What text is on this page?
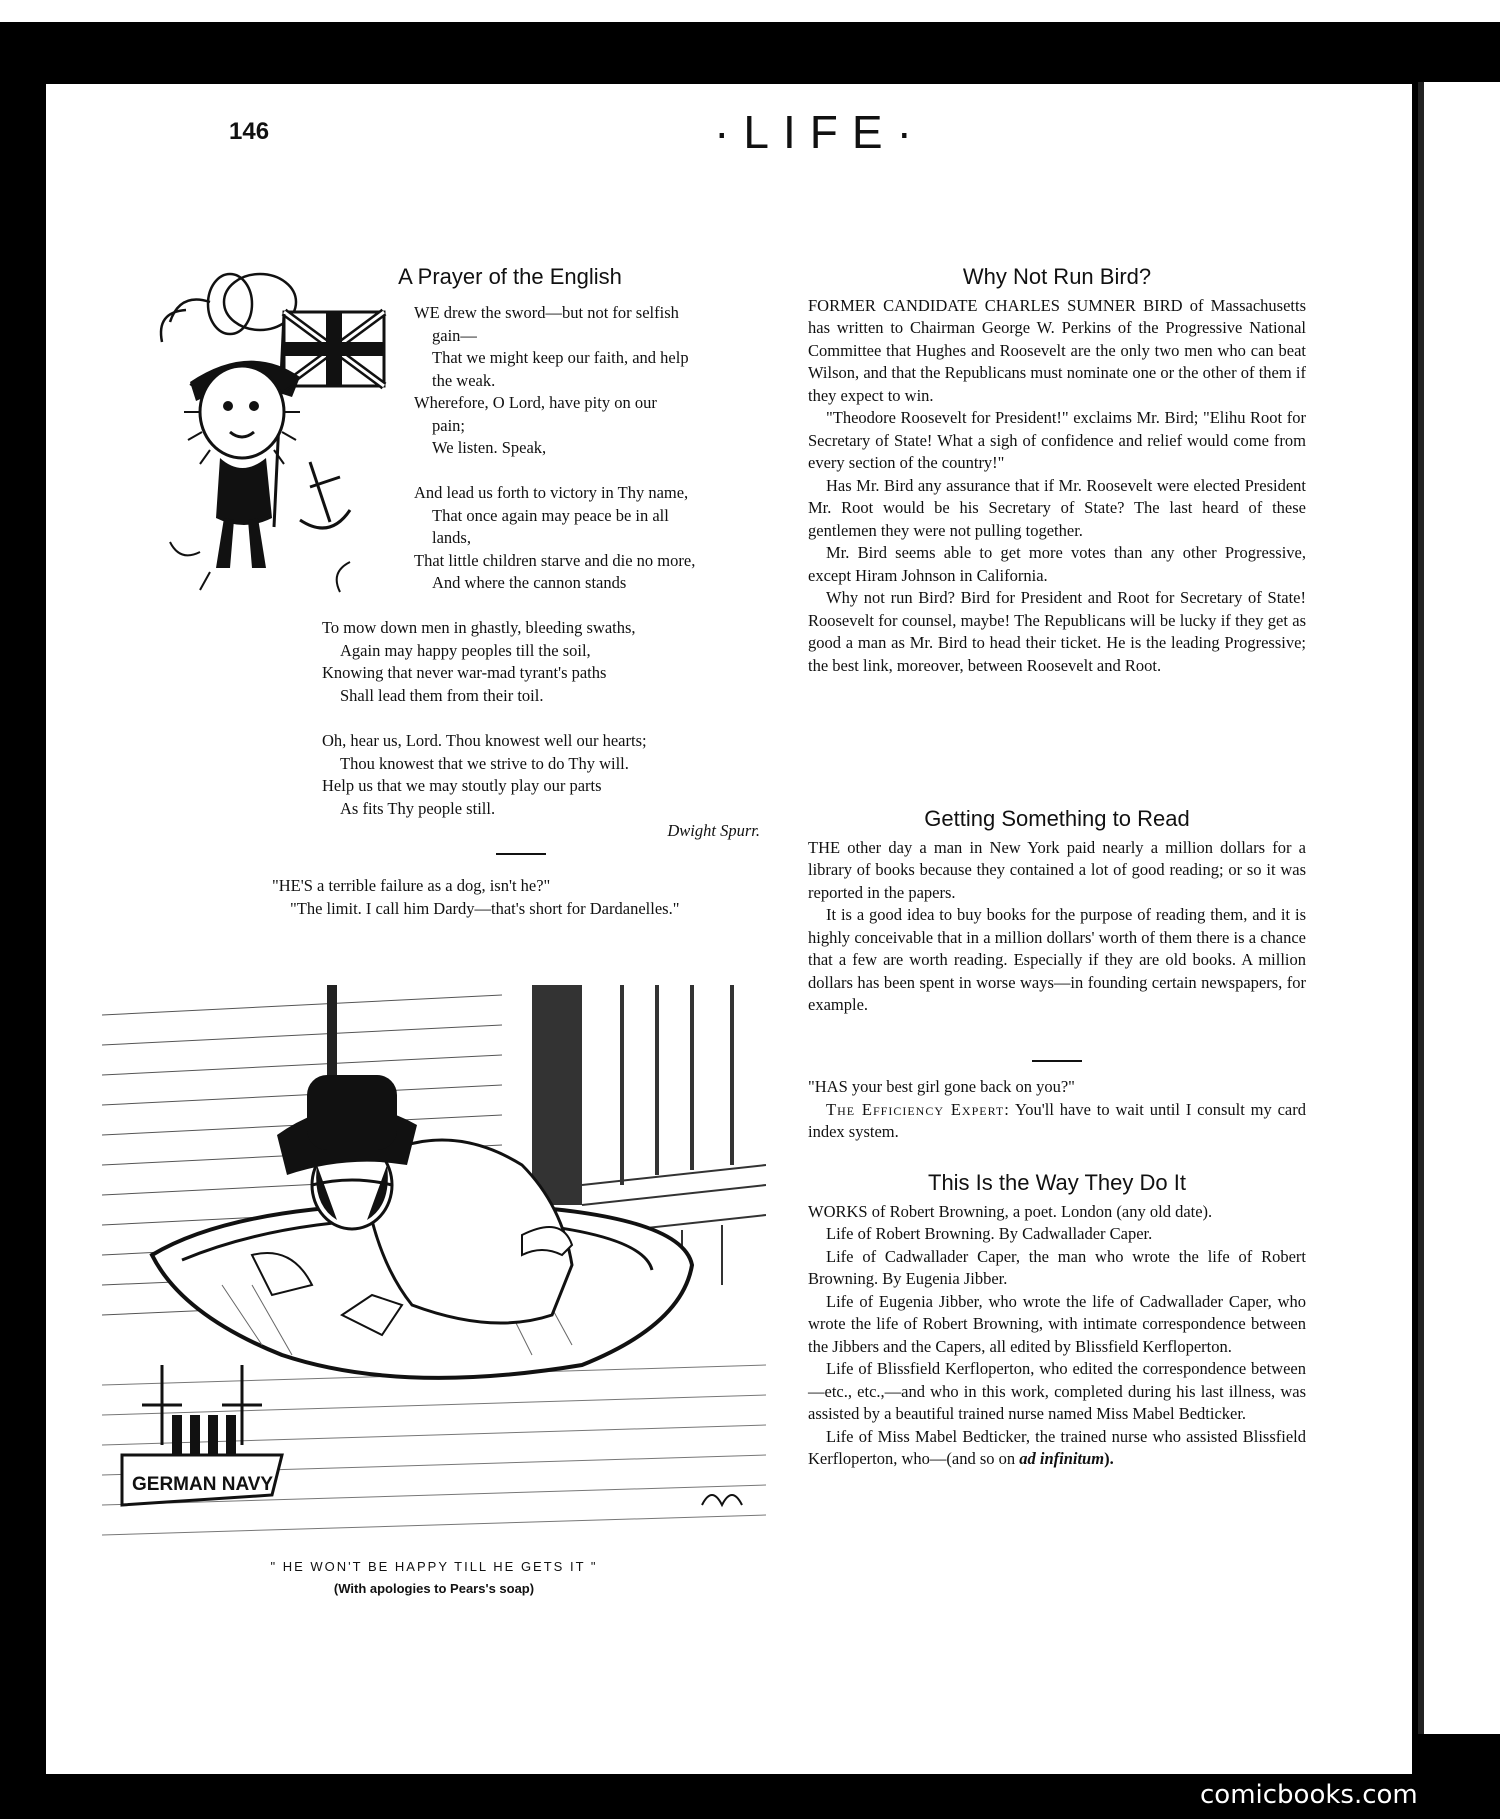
146	·LIFE·
A Prayer of the English
WE drew the sword—but not for selfish
gain—
That we might keep our faith, and help
the weak.
Wherefore, O Lord, have pity on our
pain;
We listen. Speak,
And lead us forth to victory in Thy name,
That once again may peace be in all
lands,
That little children starve and die no more,
And where the cannon stands
To mow down men in ghastly, bleeding swaths,
Again may happy peoples till the soil,
Knowing that never war-mad tyrant's paths
Shall lead them from their toil.
Oh, hear us, Lord. Thou knowest well our hearts;
Thou knowest that we strive to do Thy will.
Help us that we may stoutly play our parts
As fits Thy people still.
Dwight Spurr.

"HE'S a terrible failure as a dog, isn't he?"

"The limit. I call him Dardy—that's short for Dardanelles."

GERMAN NAVY
" HE WON'T BE HAPPY TILL HE GETS IT "
(With apologies to Pears's soap)
Why Not Run Bird?

FORMER CANDIDATE CHARLES SUMNER BIRD of Massachusetts has written to Chairman George W. Perkins of the Progressive National Committee that Hughes and Roosevelt are the only two men who can beat Wilson, and that the Republicans must nominate one or the other of them if they expect to win.

"Theodore Roosevelt for President!" exclaims Mr. Bird; "Elihu Root for Secretary of State! What a sigh of confidence and relief would come from every section of the country!"

Has Mr. Bird any assurance that if Mr. Roosevelt were elected President Mr. Root would be his Secretary of State? The last heard of these gentlemen they were not pulling together.

Mr. Bird seems able to get more votes than any other Progressive, except Hiram Johnson in California.

Why not run Bird? Bird for President and Root for Secretary of State! Roosevelt for counsel, maybe! The Republicans will be lucky if they get as good a man as Mr. Bird to head their ticket. He is the leading Progressive; the best link, moreover, between Roosevelt and Root.

Getting Something to Read

THE other day a man in New York paid nearly a million dollars for a library of books because they contained a lot of good reading; or so it was reported in the papers.

It is a good idea to buy books for the purpose of reading them, and it is highly conceivable that in a million dollars' worth of them there is a chance that a few are worth reading. Especially if they are old books. A million dollars has been spent in worse ways—in founding certain newspapers, for example.

"HAS your best girl gone back on you?"

The Efficiency Expert: You'll have to wait until I consult my card index system.

This Is the Way They Do It

WORKS of Robert Browning, a poet. London (any old date).

Life of Robert Browning. By Cadwallader Caper.

Life of Cadwallader Caper, the man who wrote the life of Robert Browning. By Eugenia Jibber.

Life of Eugenia Jibber, who wrote the life of Cadwallader Caper, who wrote the life of Robert Browning, with intimate correspondence between the Jibbers and the Capers, all edited by Blissfield Kerfloperton.

Life of Blissfield Kerfloperton, who edited the correspondence between—etc., etc.,—and who in this work, completed during his last illness, was assisted by a beautiful trained nurse named Miss Mabel Bedticker.

Life of Miss Mabel Bedticker, the trained nurse who assisted Blissfield Kerfloperton, who—(and so on ad infinitum).

comicbooks.com
